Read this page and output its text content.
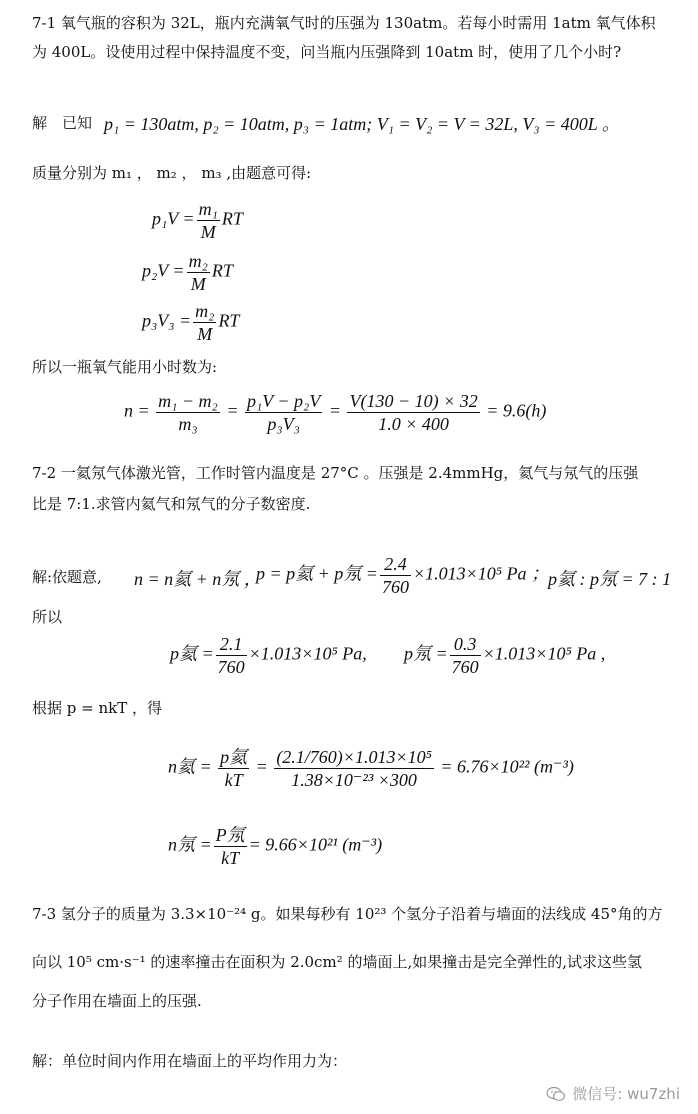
7-1 氧气瓶的容积为 32L，瓶内充满氧气时的压强为 130atm。若每小时需用 1atm 氧气体积
为 400L。设使用过程中保持温度不变，问当瓶内压强降到 10atm 时，使用了几个小时?
解　已知 p₁ = 130atm, p₂ = 10atm, p₃ = 1atm; V₁ = V₂ = V = 32L, V₃ = 400L 。
质量分别为 m₁ ， m₂ ， m₃ ,由题意可得:
$p_1V = \frac{\text{m₁}}{M}$ RT
$p_2V = \frac{\text{m₂}}{M}$ RT
$p_3V_3 = \frac{\text{m₂}}{M}$ RT
所以一瓶氧气能用小时数为:
$n = \frac{\text{m₁ − m₂}}{\text{m₃}} = \frac{\text{p₁V − p₂V}}{\text{p₃V₃}} = \frac{V(130 - 10) \times 32}{1.0 \times 400} = 9.6(h)$
7-2 一氦氖气体激光管，工作时管内温度是 27°C 。压强是 2.4mmHg，氦气与氖气的压强
比是 7:1.求管内氦气和氖气的分子数密度.
解:依题意, n = n氦 + n氖 ，
p = p氦 + p氖 = $\frac{2.4}{760} \times 1.013\times 10^5$ Pa ； p氦 : p氖 = 7 : 1
所以
p氦 = $\frac{2.1}{760} \times 1.013\times 10^5$ Pa, p氖 = $\frac{0.3}{760} \times 1.013\times 10^5$ Pa ,
根据 p = nkT ，得
n氦 = $\frac{\text{p氦}}{kT} = \frac{\text{(2.1/760)×1.013×10⁵}}{\text{1.38×10⁻²³ ×300}} = 6.76\times 10^{22}$ (m⁻³)
n氖 = $\frac{\text{P氖}}{kT} = 9.66\times 10^{21}$ (m⁻³)
7-3 氢分子的质量为 3.3×10⁻²⁴ g。如果每秒有 10²³ 个氢分子沿着与墙面的法线成 45°角的方
向以 10⁵ cm·s⁻¹ 的速率撞击在面积为 2.0cm² 的墙面上,如果撞击是完全弹性的,试求这些氢
分子作用在墙面上的压强.
解：单位时间内作用在墙面上的平均作用力为：
微信号: wu7zhi
